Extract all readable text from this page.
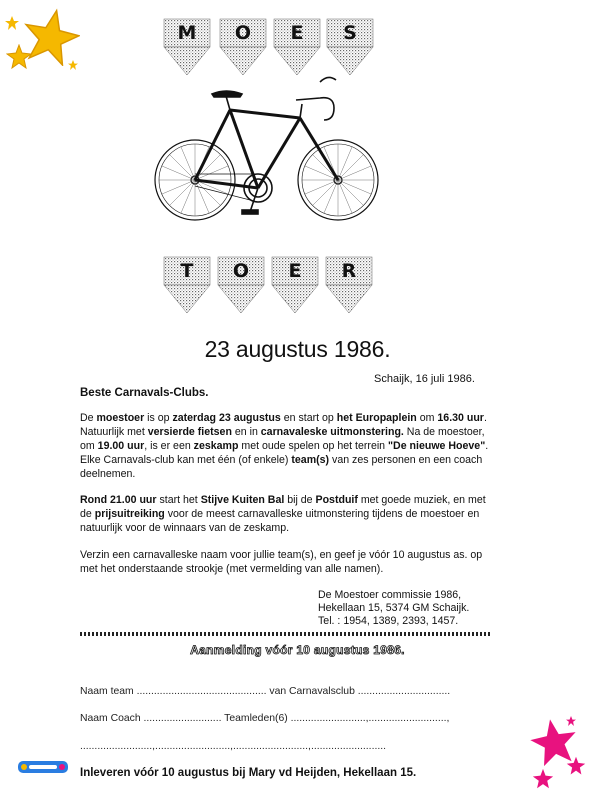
M	O	E	S
T	O	E	R
23 augustus 1986.
Schaijk, 16 juli 1986.
Beste Carnavals-Clubs.
De moestoer is op zaterdag 23 augustus en start op het Europaplein om 16.30 uur. Natuurlijk met versierde fietsen en in carnavaleske uitmonstering. Na de moestoer, om 19.00 uur, is er een zeskamp met oude spelen op het terrein "De nieuwe Hoeve". Elke Carnavals-club kan met één (of enkele) team(s) van zes personen en een coach deelnemen.
Rond 21.00 uur start het Stijve Kuiten Bal bij de Postduif met goede muziek, en met de prijsuitreiking voor de meest carnavalleske uitmonstering tijdens de moestoer en natuurlijk voor de winnaars van de zeskamp.
Verzin een carnavalleske naam voor jullie team(s), en geef je vóór 10 augustus as. op met het onderstaande strookje (met vermelding van alle namen).
De Moestoer commissie 1986,
Hekellaan 15, 5374 GM Schaijk.
Tel. : 1954, 1389, 2393, 1457.
Aanmelding vóór 10 augustus 1986.
Naam team ............................................. van Carnavalsclub ................................
Naam Coach ........................... Teamleden(6) ..........................,...........................,
.........................,..........................,..........................,..........................
Inleveren vóór 10 augustus bij Mary vd Heijden, Hekellaan 15.
